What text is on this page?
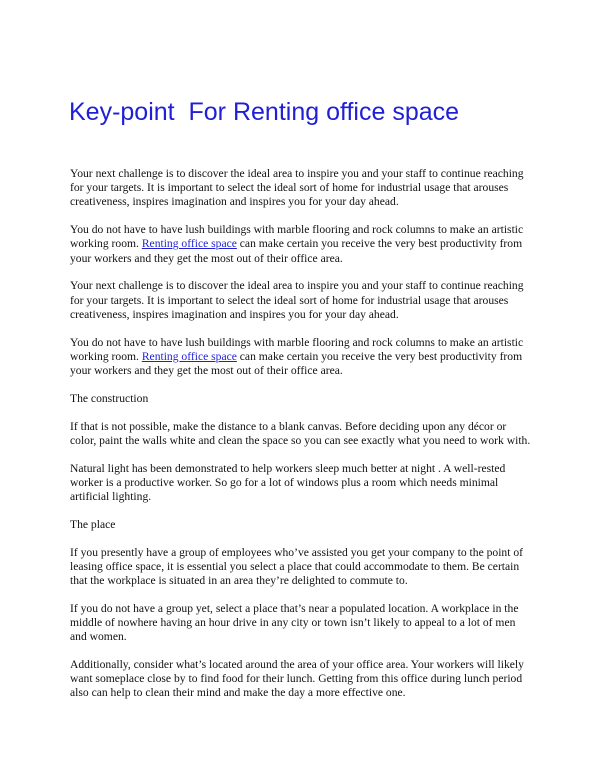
Key-point  For Renting office space

Your next challenge is to discover the ideal area to inspire you and your staff to continue reaching for your targets. It is important to select the ideal sort of home for industrial usage that arouses creativeness, inspires imagination and inspires you for your day ahead.

You do not have to have lush buildings with marble flooring and rock columns to make an artistic working room. Renting office space can make certain you receive the very best productivity from your workers and they get the most out of their office area.

Your next challenge is to discover the ideal area to inspire you and your staff to continue reaching for your targets. It is important to select the ideal sort of home for industrial usage that arouses creativeness, inspires imagination and inspires you for your day ahead.

You do not have to have lush buildings with marble flooring and rock columns to make an artistic working room. Renting office space can make certain you receive the very best productivity from your workers and they get the most out of their office area.

The construction

If that is not possible, make the distance to a blank canvas. Before deciding upon any décor or color, paint the walls white and clean the space so you can see exactly what you need to work with.

Natural light has been demonstrated to help workers sleep much better at night . A well-rested worker is a productive worker. So go for a lot of windows plus a room which needs minimal artificial lighting.

The place

If you presently have a group of employees who’ve assisted you get your company to the point of leasing office space, it is essential you select a place that could accommodate to them. Be certain that the workplace is situated in an area they’re delighted to commute to.

If you do not have a group yet, select a place that’s near a populated location. A workplace in the middle of nowhere having an hour drive in any city or town isn’t likely to appeal to a lot of men and women.

Additionally, consider what’s located around the area of your office area. Your workers will likely want someplace close by to find food for their lunch. Getting from this office during lunch period also can help to clean their mind and make the day a more effective one.
